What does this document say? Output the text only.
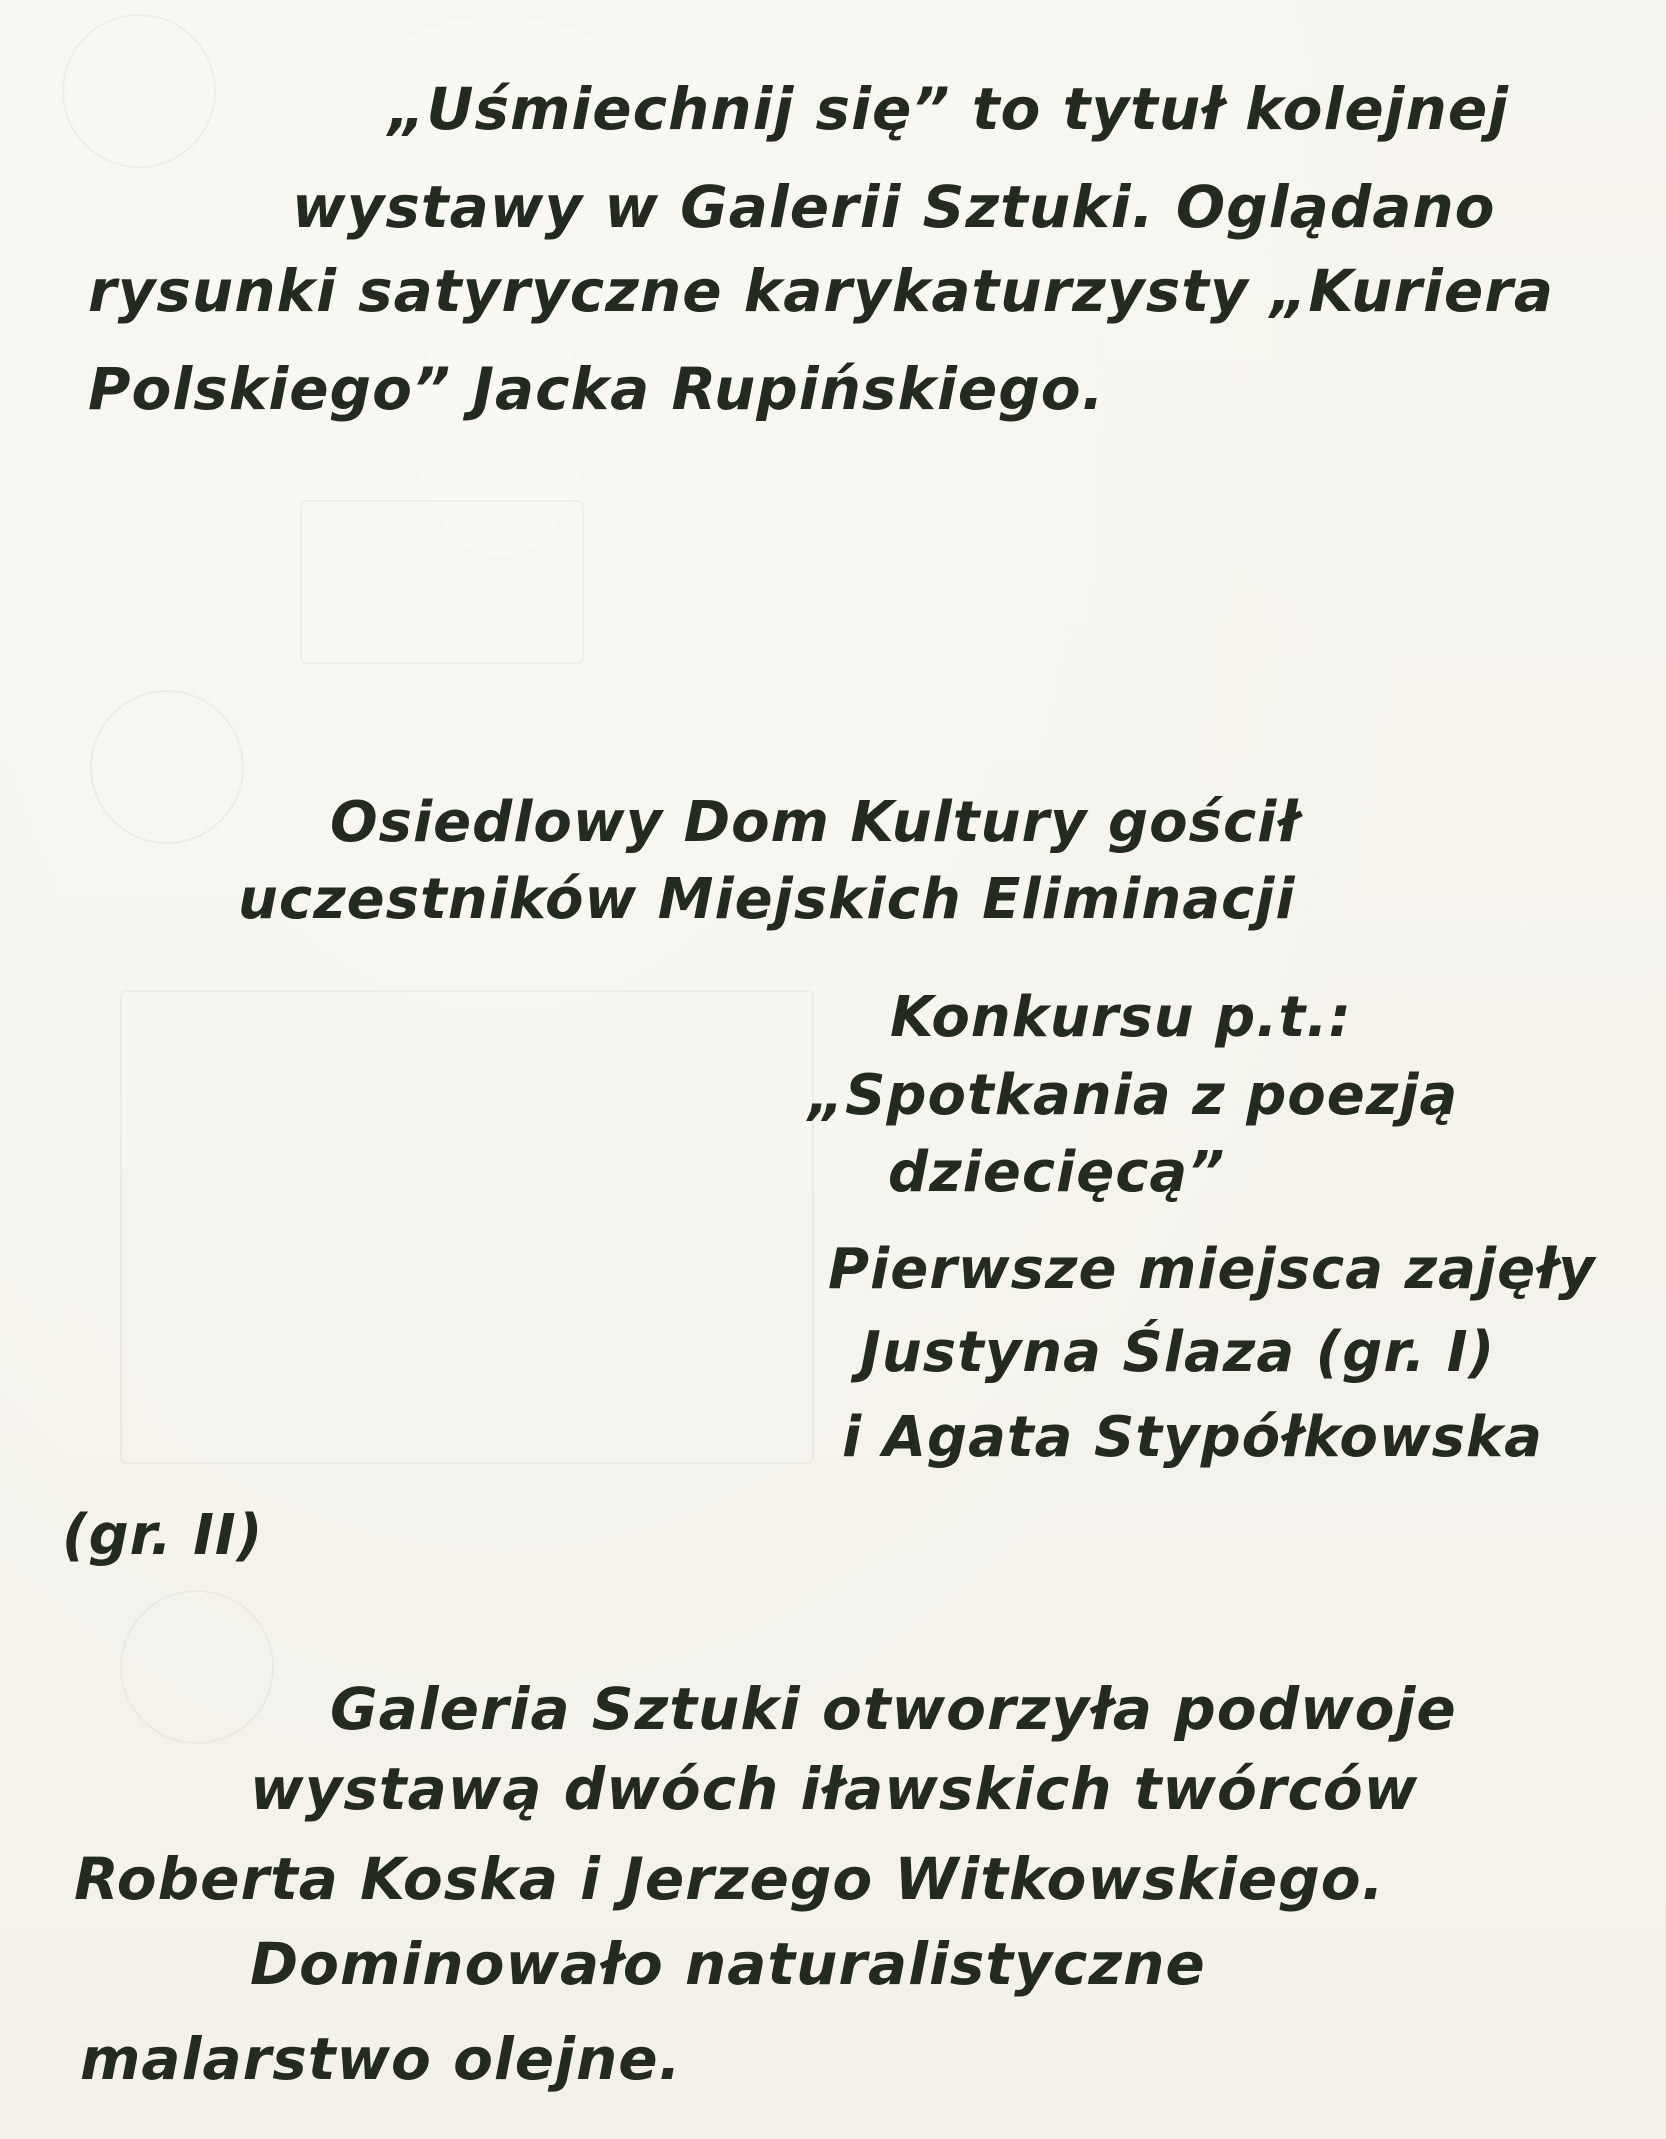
„Uśmiechnij się” to tytuł kolejnej

wystawy w Galerii Sztuki. Oglądano

rysunki satyryczne karykaturzysty „Kuriera

Polskiego” Jacka Rupińskiego.

Osiedlowy Dom Kultury gościł

uczestników Miejskich Eliminacji

Konkursu p.t.:

„Spotkania z poezją

dziecięcą”

Pierwsze miejsca zajęły

Justyna Ślaza (gr. I)

i Agata Stypółkowska

(gr. II)

Galeria Sztuki otworzyła podwoje

wystawą dwóch iławskich twórców

Roberta Koska i Jerzego Witkowskiego.

Dominowało naturalistyczne

malarstwo olejne.
